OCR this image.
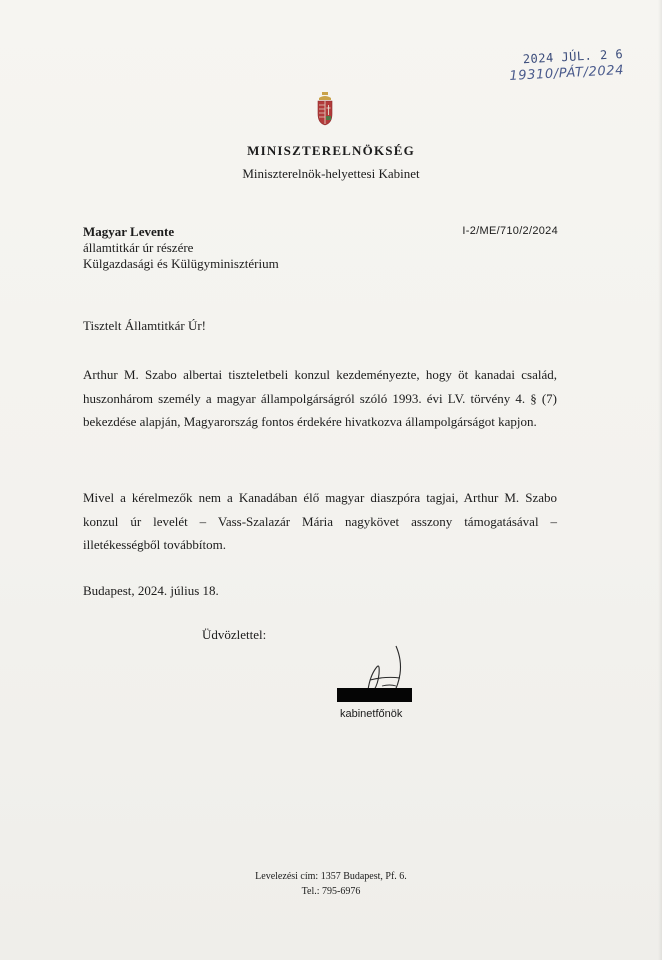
2024 JÚL. 2 6
19310/PÁT/2024
MINISZTERELNÖKSÉG
Miniszterelnök-helyettesi Kabinet
Magyar Levente
államtitkár úr részére
Külgazdasági és Külügyminisztérium
I-2/ME/710/2/2024
Tisztelt Államtitkár Úr!
Arthur M. Szabo albertai tiszteletbeli konzul kezdeményezte, hogy öt kanadai család, huszonhárom személy a magyar állampolgárságról szóló 1993. évi LV. törvény 4. § (7) bekezdése alapján, Magyarország fontos érdekére hivatkozva állampolgárságot kapjon.
Mivel a kérelmezők nem a Kanadában élő magyar diaszpóra tagjai, Arthur M. Szabo konzul úr levelét – Vass-Szalazár Mária nagykövet asszony támogatásával – illetékességből továbbítom.
Budapest, 2024. július 18.
Üdvözlettel:
kabinetfőnök
Levelezési cím: 1357 Budapest, Pf. 6.
Tel.: 795-6976
